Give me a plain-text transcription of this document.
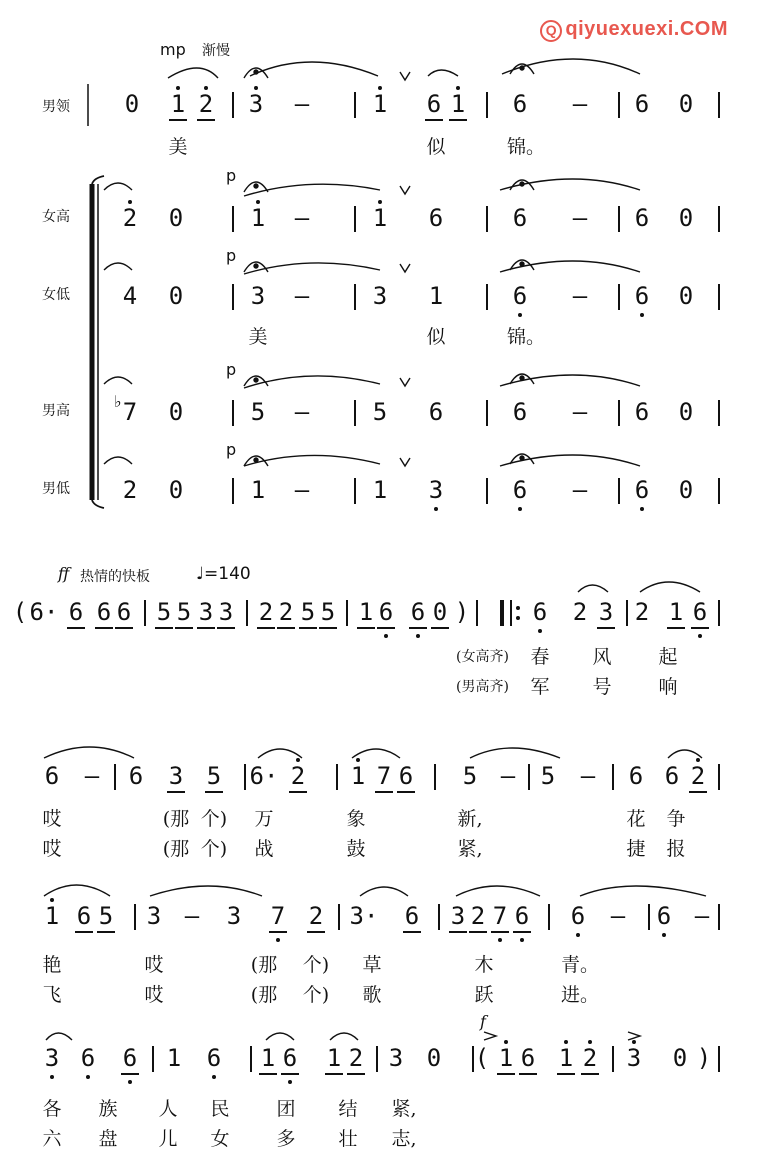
Q qiyuexuexi.COM
mp 渐慢
男领
女高
女低
男高
男低
0 1 2 3 –	1 6 1 6 – 6 0
2 0	1 –	1 6	6 – 6 0
4 0	3 –	3 1	6 – 6 0
7 0	5 –	5 6	6 – 6 0
♭
2 0	1 –	1 3	6 – 6 0
美	似	锦。
美	似	锦。
p
p
p
p
ff 热情的快板	♩=140
( 6· 6 6 6 5 5 3 3 2 2 5 5 1 6 6 0 )	6 2 3 2 1 6
(女高齐)
(男高齐)
春 风 起
军 号 响
6 – 6 3 5 6· 2 1 7 6 5 – 5 – 6 6 2
哎	(那 个) 万	象	新,	花 争
哎	(那 个) 战	鼓	紧,	捷 报
1 6 5 3 – 3 7 2 3· 6 3 2 7 6 6 – 6 –
艳	哎	(那 个) 草	木	青。
飞	哎	(那 个) 歌	跃	进。
f
3 6 6 1 6 1 6 1 2 3 0 ( 1 6 1 2 3 0 )
各 族 人 民 团 结 紧,
六 盘 儿 女 多 壮 志,
